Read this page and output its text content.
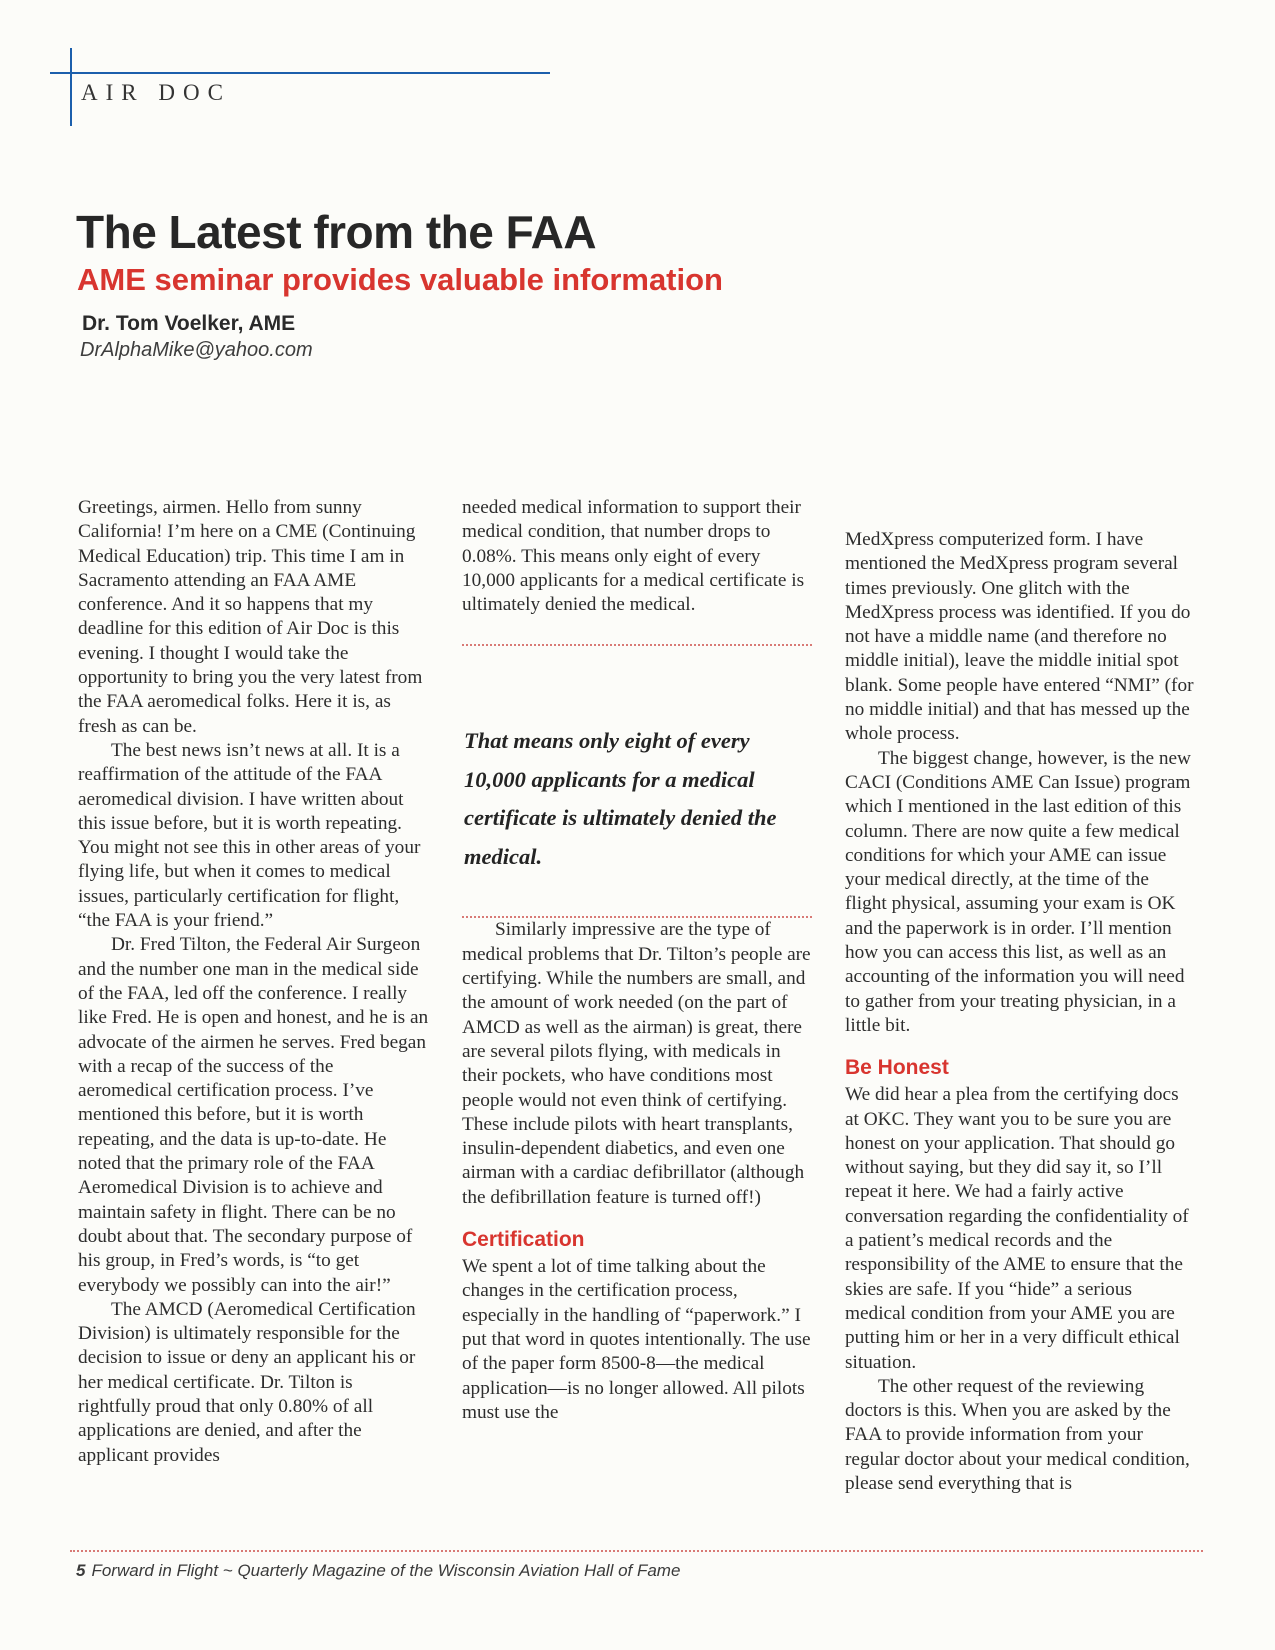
AIR DOC
The Latest from the FAA
AME seminar provides valuable information
Dr. Tom Voelker, AME
DrAlphaMike@yahoo.com

Greetings, airmen. Hello from sunny California! I’m here on a CME (Continuing Medical Education) trip. This time I am in Sacramento attending an FAA AME conference. And it so happens that my deadline for this edition of Air Doc is this evening. I thought I would take the opportunity to bring you the very latest from the FAA aeromedical folks. Here it is, as fresh as can be.

The best news isn’t news at all. It is a reaffirmation of the attitude of the FAA aeromedical division. I have written about this issue before, but it is worth repeating. You might not see this in other areas of your flying life, but when it comes to medical issues, particularly certification for flight, “the FAA is your friend.”

Dr. Fred Tilton, the Federal Air Surgeon and the number one man in the medical side of the FAA, led off the conference. I really like Fred. He is open and honest, and he is an advocate of the airmen he serves. Fred began with a recap of the success of the aeromedical certification process. I’ve mentioned this before, but it is worth repeating, and the data is up-to-date. He noted that the primary role of the FAA Aeromedical Division is to achieve and maintain safety in flight. There can be no doubt about that. The secondary purpose of his group, in Fred’s words, is “to get everybody we possibly can into the air!”

The AMCD (Aeromedical Certification Division) is ultimately responsible for the decision to issue or deny an applicant his or her medical certificate. Dr. Tilton is rightfully proud that only 0.80% of all applications are denied, and after the applicant provides

needed medical information to support their medical condition, that number drops to 0.08%. This means only eight of every 10,000 applicants for a medical certificate is ultimately denied the medical.

That means only eight of every 10,000 applicants for a medical certificate is ultimately denied the medical.

Similarly impressive are the type of medical problems that Dr. Tilton’s people are certifying. While the numbers are small, and the amount of work needed (on the part of AMCD as well as the airman) is great, there are several pilots flying, with medicals in their pockets, who have conditions most people would not even think of certifying. These include pilots with heart transplants, insulin-dependent diabetics, and even one airman with a cardiac defibrillator (although the defibrillation feature is turned off!)

Certification

We spent a lot of time talking about the changes in the certification process, especially in the handling of “paperwork.” I put that word in quotes intentionally. The use of the paper form 8500-8—the medical application—is no longer allowed. All pilots must use the

MedXpress computerized form. I have mentioned the MedXpress program several times previously. One glitch with the MedXpress process was identified. If you do not have a middle name (and therefore no middle initial), leave the middle initial spot blank. Some people have entered “NMI” (for no middle initial) and that has messed up the whole process.

The biggest change, however, is the new CACI (Conditions AME Can Issue) program which I mentioned in the last edition of this column. There are now quite a few medical conditions for which your AME can issue your medical directly, at the time of the flight physical, assuming your exam is OK and the paperwork is in order. I’ll mention how you can access this list, as well as an accounting of the information you will need to gather from your treating physician, in a little bit.

Be Honest

We did hear a plea from the certifying docs at OKC. They want you to be sure you are honest on your application. That should go without saying, but they did say it, so I’ll repeat it here. We had a fairly active conversation regarding the confidentiality of a patient’s medical records and the responsibility of the AME to ensure that the skies are safe. If you “hide” a serious medical condition from your AME you are putting him or her in a very difficult ethical situation.

The other request of the reviewing doctors is this. When you are asked by the FAA to provide information from your regular doctor about your medical condition, please send everything that is

5 Forward in Flight ~ Quarterly Magazine of the Wisconsin Aviation Hall of Fame
